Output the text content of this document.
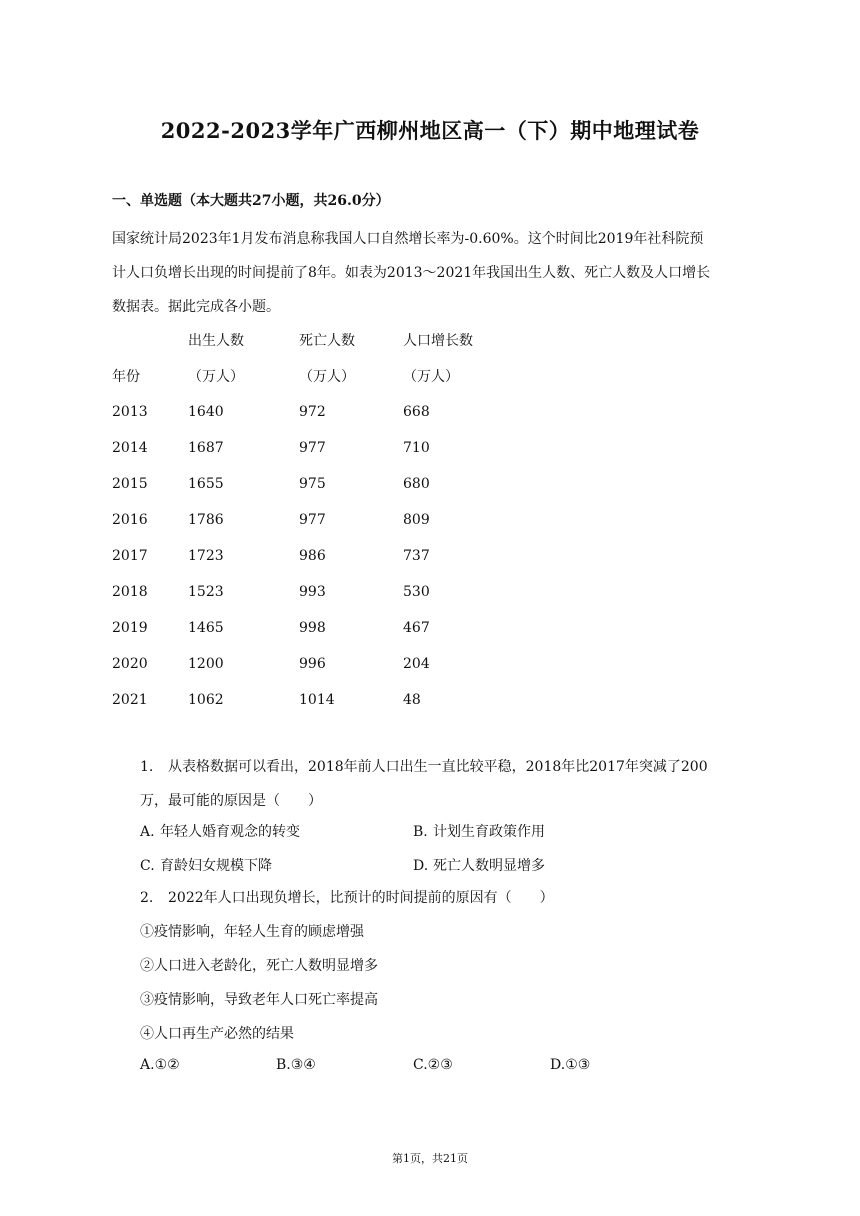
2022-2023学年广西柳州地区高一（下）期中地理试卷
一、单选题（本大题共27小题，共26.0分）

国家统计局2023年1月发布消息称我国人口自然增长率为-0.60%。这个时间比2019年社科院预

计人口负增长出现的时间提前了8年。如表为2013～2021年我国出生人数、死亡人数及人口增长

数据表。据此完成各小题。

	出生人数	死亡人数	人口增长数
年份	（万人）	（万人）	（万人）
2013	1640	972	668
2014	1687	977	710
2015	1655	975	680
2016	1786	977	809
2017	1723	986	737
2018	1523	993	530
2019	1465	998	467
2020	1200	996	204
2021	1062	1014	48

1. 从表格数据可以看出，2018年前人口出生一直比较平稳，2018年比2017年突减了200

万，最可能的原因是（　　）

A. 年轻人婚育观念的转变	B. 计划生育政策作用
C. 育龄妇女规模下降	D. 死亡人数明显增多
2. 2022年人口出现负增长，比预计的时间提前的原因有（　　）
①疫情影响，年轻人生育的顾虑增强
②人口进入老龄化，死亡人数明显增多
③疫情影响，导致老年人口死亡率提高
④人口再生产必然的结果
A.①②	B.③④	C.②③	D.①③
第1页，共21页
